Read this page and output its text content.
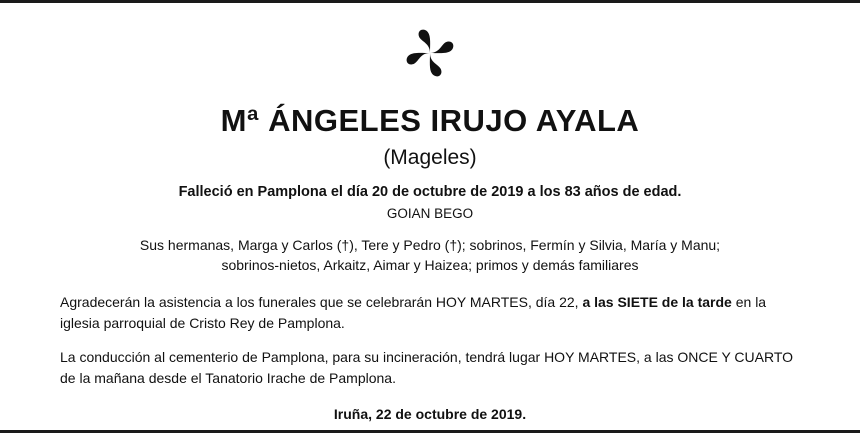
Mª ÁNGELES IRUJO AYALA
(Mageles)
Falleció en Pamplona el día 20 de octubre de 2019 a los 83 años de edad.
GOIAN BEGO
Sus hermanas, Marga y Carlos (†), Tere y Pedro (†); sobrinos, Fermín y Silvia, María y Manu;
sobrinos-nietos, Arkaitz, Aimar y Haizea; primos y demás familiares

Agradecerán la asistencia a los funerales que se celebrarán HOY MARTES, día 22, a las SIETE de la tarde en la iglesia parroquial de Cristo Rey de Pamplona.

La conducción al cementerio de Pamplona, para su incineración, tendrá lugar HOY MARTES, a las ONCE Y CUARTO de la mañana desde el Tanatorio Irache de Pamplona.

Iruña, 22 de octubre de 2019.
